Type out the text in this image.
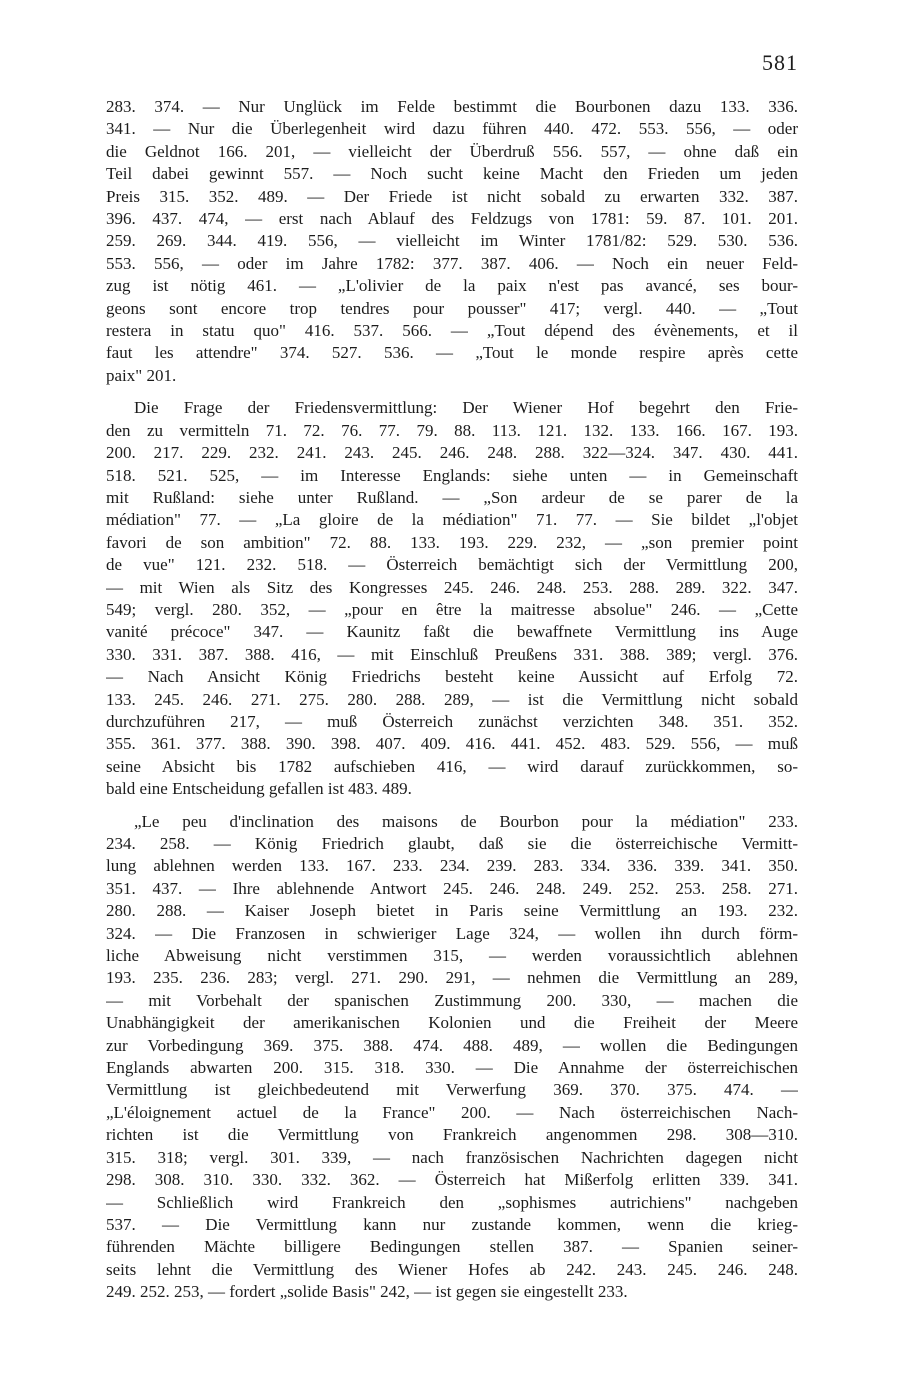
581
283. 374. — Nur Unglück im Felde bestimmt die Bourbonen dazu 133. 336.
341. — Nur die Überlegenheit wird dazu führen 440. 472. 553. 556, — oder
die Geldnot 166. 201, — vielleicht der Überdruß 556. 557, — ohne daß ein
Teil dabei gewinnt 557. — Noch sucht keine Macht den Frieden um jeden
Preis 315. 352. 489. — Der Friede ist nicht sobald zu erwarten 332. 387.
396. 437. 474, — erst nach Ablauf des Feldzugs von 1781: 59. 87. 101. 201.
259. 269. 344. 419. 556, — vielleicht im Winter 1781/82: 529. 530. 536.
553. 556, — oder im Jahre 1782: 377. 387. 406. — Noch ein neuer Feld-
zug ist nötig 461. — „L'olivier de la paix n'est pas avancé, ses bour-
geons sont encore trop tendres pour pousser" 417; vergl. 440. — „Tout
restera in statu quo" 416. 537. 566. — „Tout dépend des évènements, et il
faut les attendre" 374. 527. 536. — „Tout le monde respire après cette
paix" 201.
Die Frage der Friedensvermittlung: Der Wiener Hof begehrt den Frie-
den zu vermitteln 71. 72. 76. 77. 79. 88. 113. 121. 132. 133. 166. 167. 193.
200. 217. 229. 232. 241. 243. 245. 246. 248. 288. 322—324. 347. 430. 441.
518. 521. 525, — im Interesse Englands: siehe unten — in Gemeinschaft
mit Rußland: siehe unter Rußland. — „Son ardeur de se parer de la
médiation" 77. — „La gloire de la médiation" 71. 77. — Sie bildet „l'objet
favori de son ambition" 72. 88. 133. 193. 229. 232, — „son premier point
de vue" 121. 232. 518. — Österreich bemächtigt sich der Vermittlung 200,
— mit Wien als Sitz des Kongresses 245. 246. 248. 253. 288. 289. 322. 347.
549; vergl. 280. 352, — „pour en être la maitresse absolue" 246. — „Cette
vanité précoce" 347. — Kaunitz faßt die bewaffnete Vermittlung ins Auge
330. 331. 387. 388. 416, — mit Einschluß Preußens 331. 388. 389; vergl. 376.
— Nach Ansicht König Friedrichs besteht keine Aussicht auf Erfolg 72.
133. 245. 246. 271. 275. 280. 288. 289, — ist die Vermittlung nicht sobald
durchzuführen 217, — muß Österreich zunächst verzichten 348. 351. 352.
355. 361. 377. 388. 390. 398. 407. 409. 416. 441. 452. 483. 529. 556, — muß
seine Absicht bis 1782 aufschieben 416, — wird darauf zurückkommen, so-
bald eine Entscheidung gefallen ist 483. 489.
„Le peu d'inclination des maisons de Bourbon pour la médiation" 233.
234. 258. — König Friedrich glaubt, daß sie die österreichische Vermitt-
lung ablehnen werden 133. 167. 233. 234. 239. 283. 334. 336. 339. 341. 350.
351. 437. — Ihre ablehnende Antwort 245. 246. 248. 249. 252. 253. 258. 271.
280. 288. — Kaiser Joseph bietet in Paris seine Vermittlung an 193. 232.
324. — Die Franzosen in schwieriger Lage 324, — wollen ihn durch förm-
liche Abweisung nicht verstimmen 315, — werden voraussichtlich ablehnen
193. 235. 236. 283; vergl. 271. 290. 291, — nehmen die Vermittlung an 289,
— mit Vorbehalt der spanischen Zustimmung 200. 330, — machen die
Unabhängigkeit der amerikanischen Kolonien und die Freiheit der Meere
zur Vorbedingung 369. 375. 388. 474. 488. 489, — wollen die Bedingungen
Englands abwarten 200. 315. 318. 330. — Die Annahme der österreichischen
Vermittlung ist gleichbedeutend mit Verwerfung 369. 370. 375. 474. —
„L'éloignement actuel de la France" 200. — Nach österreichischen Nach-
richten ist die Vermittlung von Frankreich angenommen 298. 308—310.
315. 318; vergl. 301. 339, — nach französischen Nachrichten dagegen nicht
298. 308. 310. 330. 332. 362. — Österreich hat Mißerfolg erlitten 339. 341.
— Schließlich wird Frankreich den „sophismes autrichiens" nachgeben
537. — Die Vermittlung kann nur zustande kommen, wenn die krieg-
führenden Mächte billigere Bedingungen stellen 387. — Spanien seiner-
seits lehnt die Vermittlung des Wiener Hofes ab 242. 243. 245. 246. 248.
249. 252. 253, — fordert „solide Basis" 242, — ist gegen sie eingestellt 233.
